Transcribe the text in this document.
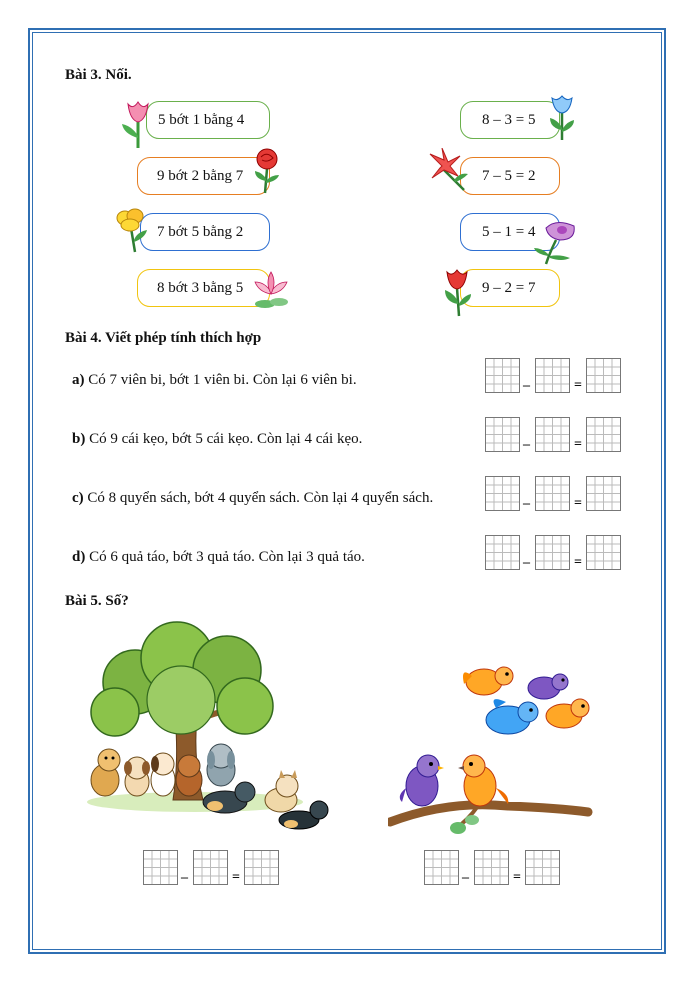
Bài 3. Nối.
5 bớt 1 bằng 4
9 bớt 2 bằng 7
7 bớt 5 bằng 2
8 bớt 3 bằng 5
8 – 3 = 5
7 – 5 = 2
5 – 1 = 4
9 – 2 = 7
Bài 4. Viết phép tính thích hợp
a) Có 7 viên bi, bớt 1 viên bi. Còn lại 6 viên bi.
b) Có 9 cái kẹo, bớt 5 cái kẹo. Còn lại 4 cái kẹo.
c) Có 8 quyển sách, bớt 4 quyển sách. Còn lại 4 quyển sách.
d) Có 6 quả táo, bớt 3 quả táo. Còn lại 3 quả táo.
–	=
–	=
–	=
–	=
Bài 5. Số?
–	=	–	=
